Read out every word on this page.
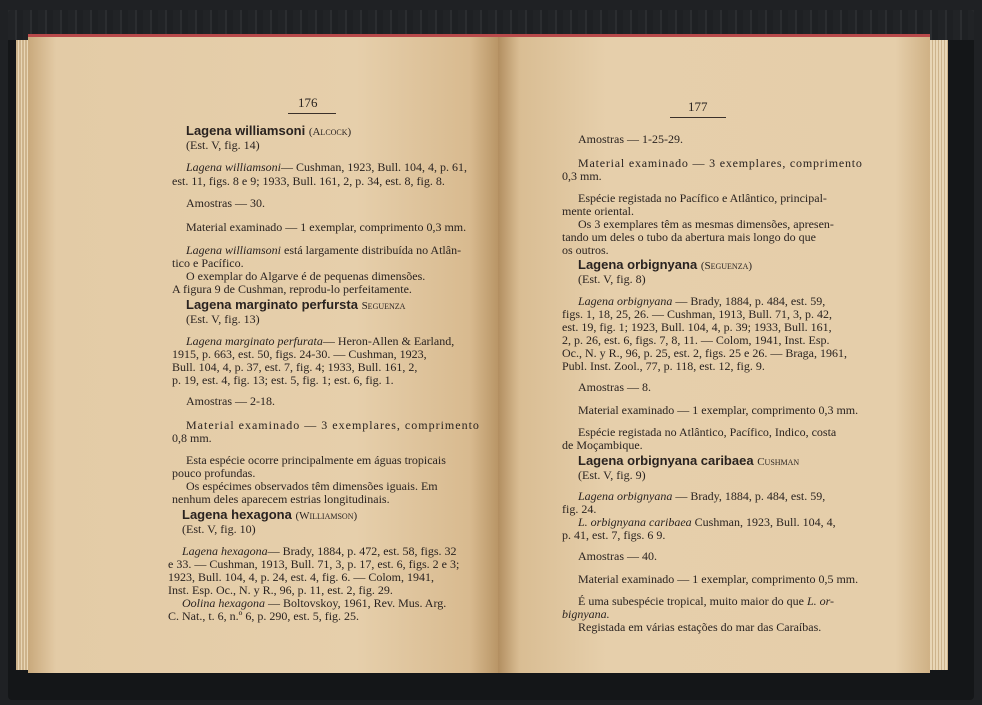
176
Lagena williamsoni (Alcock)
(Est. V, fig. 14)
Lagena williamsoni— Cushman, 1923, Bull. 104, 4, p. 61,
est. 11, figs. 8 e 9; 1933, Bull. 161, 2, p. 34, est. 8, fig. 8.
Amostras — 30.
Material examinado — 1 exemplar, comprimento 0,3 mm.
Lagena williamsoni está largamente distribuída no Atlân-
tico e Pacífico.
O exemplar do Algarve é de pequenas dimensões.
A figura 9 de Cushman, reprodu-lo perfeitamente.
Lagena marginato perfursta Seguenza
(Est. V, fig. 13)
Lagena marginato perfurata— Heron-Allen & Earland,
1915, p. 663, est. 50, figs. 24-30. — Cushman, 1923,
Bull. 104, 4, p. 37, est. 7, fig. 4; 1933, Bull. 161, 2,
p. 19, est. 4, fig. 13; est. 5, fig. 1; est. 6, fig. 1.
Amostras — 2-18.
Material examinado — 3 exemplares, comprimento
0,8 mm.
Esta espécie ocorre principalmente em águas tropicais
pouco profundas.
Os espécimes observados têm dimensões iguais. Em
nenhum deles aparecem estrias longitudinais.
Lagena hexagona (Williamson)
(Est. V, fig. 10)
Lagena hexagona— Brady, 1884, p. 472, est. 58, figs. 32
e 33. — Cushman, 1913, Bull. 71, 3, p. 17, est. 6, figs. 2 e 3;
1923, Bull. 104, 4, p. 24, est. 4, fig. 6. — Colom, 1941,
Inst. Esp. Oc., N. y R., 96, p. 11, est. 2, fig. 29.
Oolina hexagona — Boltovskoy, 1961, Rev. Mus. Arg.
C. Nat., t. 6, n.º 6, p. 290, est. 5, fig. 25.
177
Amostras — 1-25-29.
Material examinado — 3 exemplares, comprimento
0,3 mm.
Espécie registada no Pacífico e Atlântico, principal-
mente oriental.
Os 3 exemplares têm as mesmas dimensões, apresen-
tando um deles o tubo da abertura mais longo do que
os outros.
Lagena orbignyana (Seguenza)
(Est. V, fig. 8)
Lagena orbignyana — Brady, 1884, p. 484, est. 59,
figs. 1, 18, 25, 26. — Cushman, 1913, Bull. 71, 3, p. 42,
est. 19, fig. 1; 1923, Bull. 104, 4, p. 39; 1933, Bull. 161,
2, p. 26, est. 6, figs. 7, 8, 11. — Colom, 1941, Inst. Esp.
Oc., N. y R., 96, p. 25, est. 2, figs. 25 e 26. — Braga, 1961,
Publ. Inst. Zool., 77, p. 118, est. 12, fig. 9.
Amostras — 8.
Material examinado — 1 exemplar, comprimento 0,3 mm.
Espécie registada no Atlântico, Pacífico, Indico, costa
de Moçambique.
Lagena orbignyana caribaea Cushman
(Est. V, fig. 9)
Lagena orbignyana — Brady, 1884, p. 484, est. 59,
fig. 24.
L. orbignyana caribaea Cushman, 1923, Bull. 104, 4,
p. 41, est. 7, figs. 6 9.
Amostras — 40.
Material examinado — 1 exemplar, comprimento 0,5 mm.
É uma subespécie tropical, muito maior do que L. or-
bignyana.
Registada em várias estações do mar das Caraíbas.
